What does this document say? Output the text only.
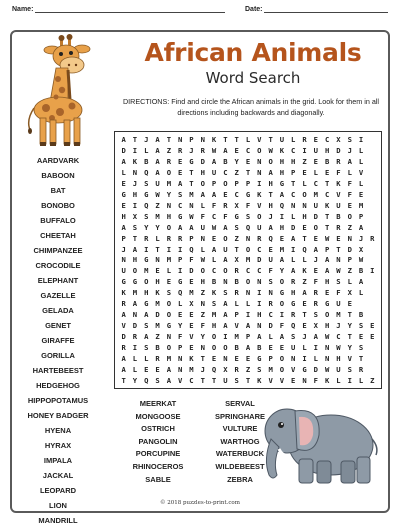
Name:	Date:
African Animals
Word Search
DIRECTIONS: Find and circle the African animals in the grid. Look for them in all directions including backwards and diagonally.
A T J A T N P N K T T L V T U L R E C X S I
D I L A Z R J R W A E C O W K C I U H D J L
A K B A R E G D A B Y E N O H H Z E B R A L
L N Q A O E T H U C Z T N A H P E L E F L V
E J S U M A T O P O P P I H G T L C T K F L
G H G W Y S M A A E C G K T A C O M C V F E
E I Q Z N C N L F R X F V H Q N N U K U E M
H X S M H G W F C F G S O J I L H D T B O P
A S Y Y O A A U W A S Q U A H D E O T R Z A
P T R L R R P N E O Z N R Q E A T E W E N J R
J A I T I I Q L A U T O C E M I Q A P T D X
N H G N M P F W L A X M D U A L L J A N P W
U O M E L I D O C O R C C F Y A K E A W Z B I
G G O H E G E H B N B O N S O R Z F H S L A
K M H K S Q M Z K S R N I N G H A R E F X L
R A G M O L X N S A L L I R O G E R G U E
A N A D O E E Z M A P I H C I R T S O M T B
V D S M G Y E F H A V A N D F Q E X H J Y S E
D R A Z N F V Y O I M P A L A S J A W C T E E
R I S B O P E N O O B A B E E U L I N W Y S
A L L R M N K T E N E E G P O N I L N H V T
A L E E A N M J Q X R Z S M O V G D W U S R
T Y Q S A V C T T U S T K V V E N F K L I L Z
AARDVARK
BABOON
BAT
BONOBO
BUFFALO
CHEETAH
CHIMPANZEE
CROCODILE
ELEPHANT
GAZELLE
GELADA
GENET
GIRAFFE
GORILLA
HARTEBEEST
HEDGEHOG
HIPPOPOTAMUS
HONEY BADGER
HYENA
HYRAX
IMPALA
JACKAL
LEOPARD
LION
MANDRILL
MEERKAT
MONGOOSE
OSTRICH
PANGOLIN
PORCUPINE
RHINOCEROS
SABLE
SERVAL
SPRINGHARE
VULTURE
WARTHOG
WATERBUCK
WILDEBEEST
ZEBRA
© 2018 puzzles-to-print.com
